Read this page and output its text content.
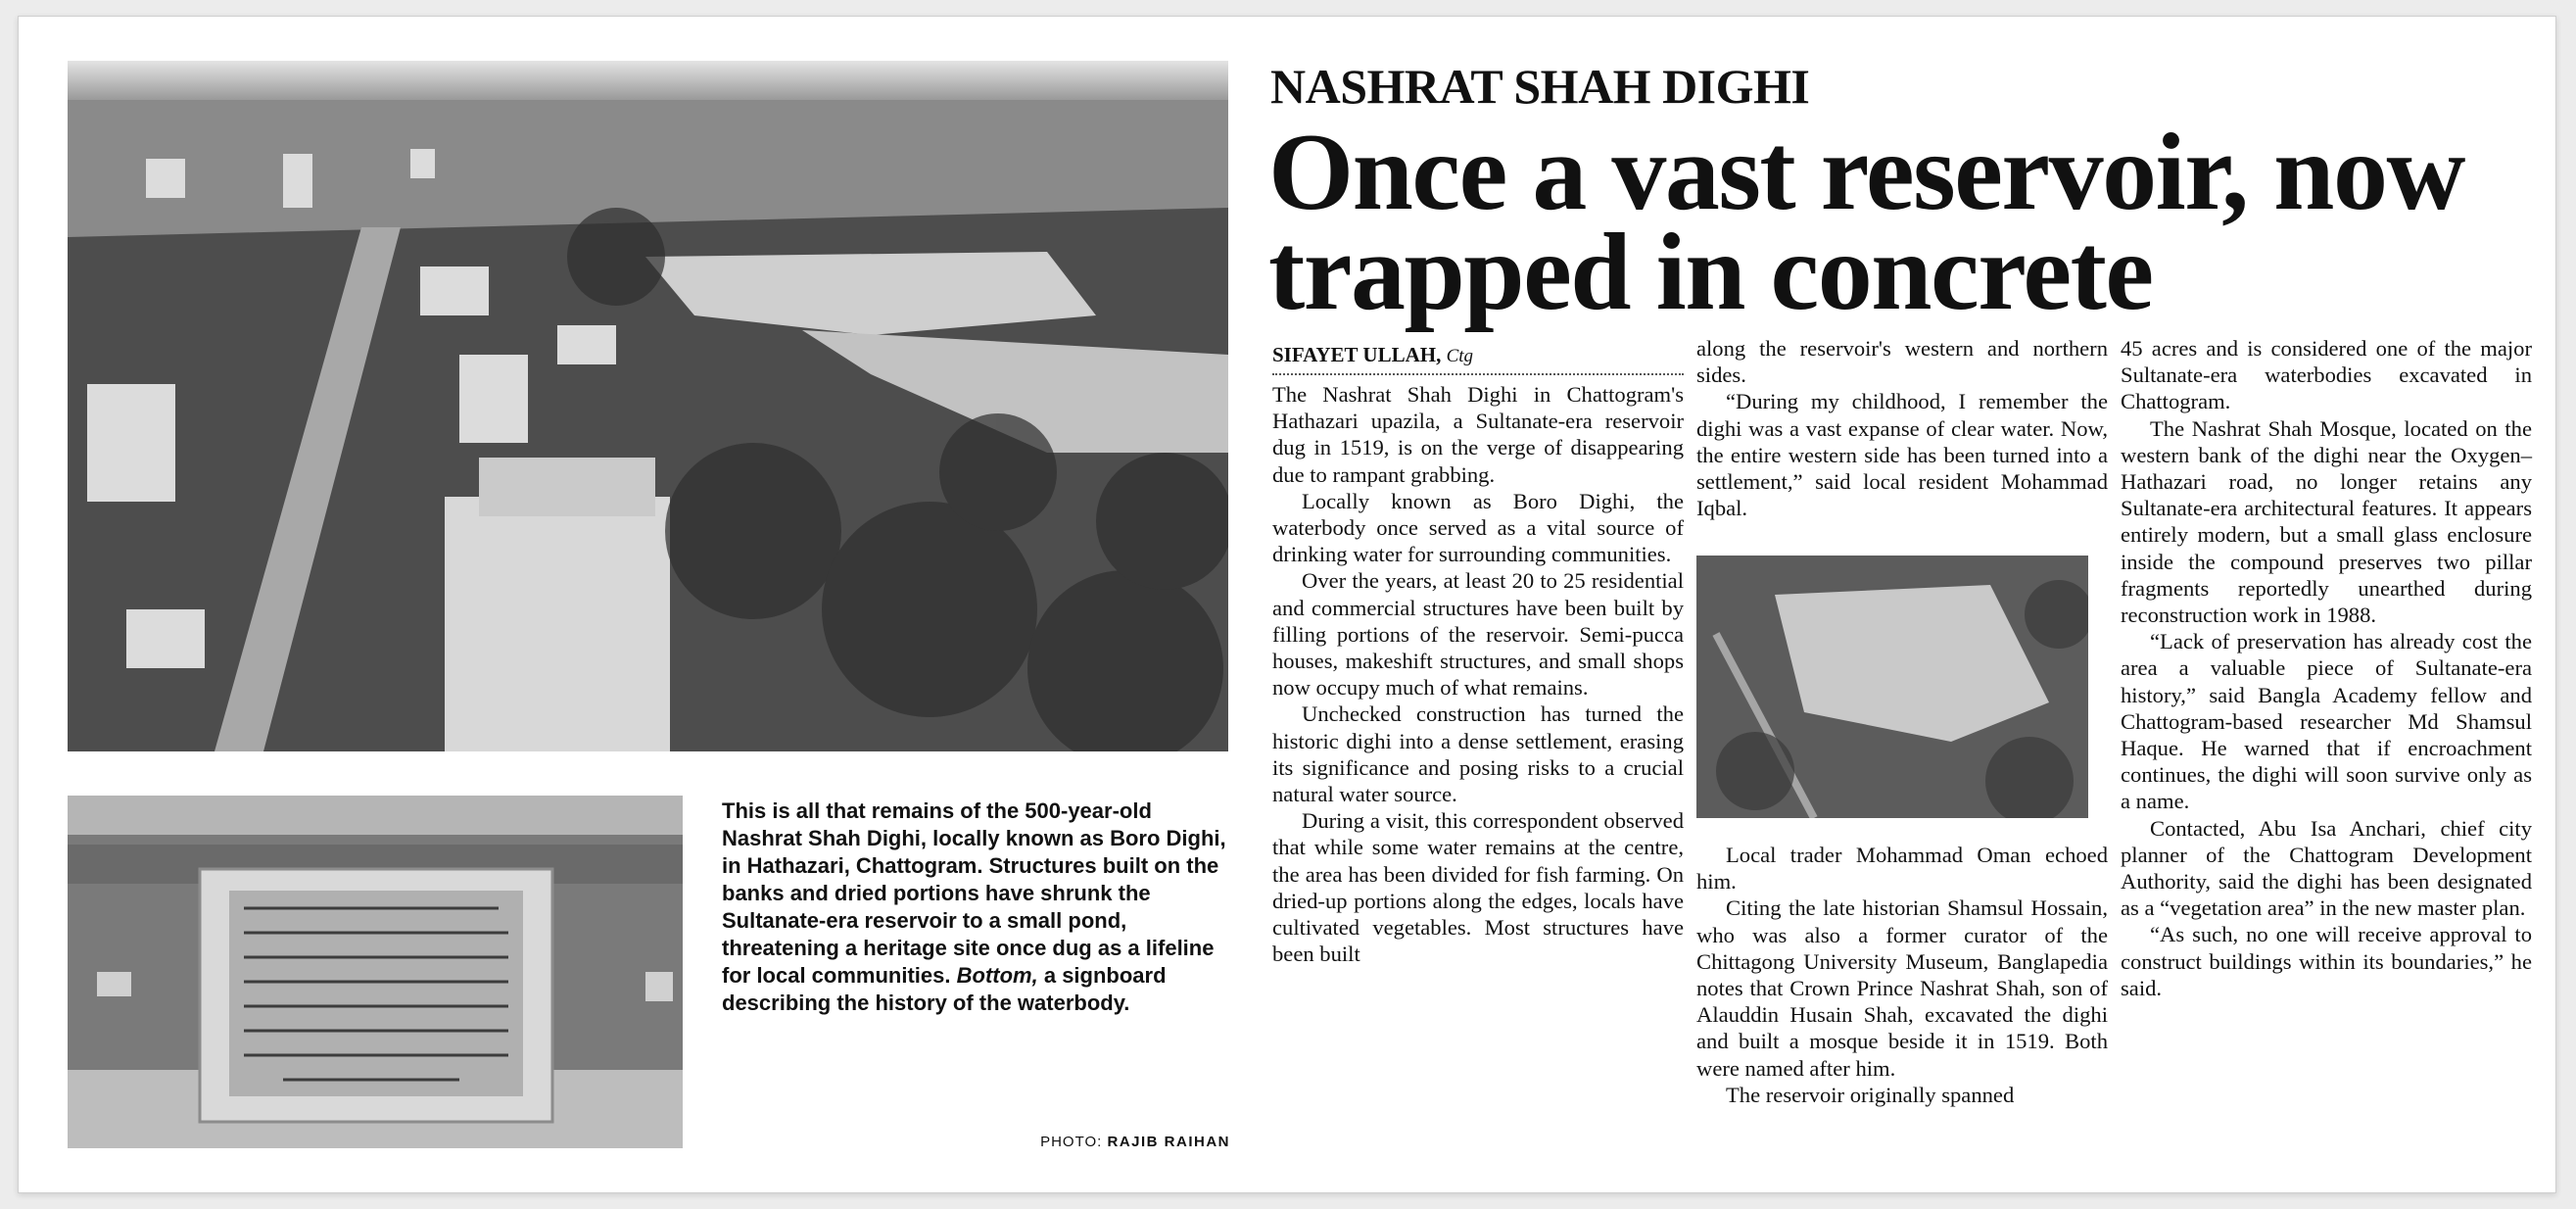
This is all that remains of the 500-year-old Nashrat Shah Dighi, locally known as Boro Dighi, in Hathazari, Chattogram. Structures built on the banks and dried portions have shrunk the Sultanate-era reservoir to a small pond, threatening a heritage site once dug as a lifeline for local communities. Bottom, a signboard describing the history of the waterbody.
PHOTO: RAJIB RAIHAN
NASHRAT SHAH DIGHI
Once a vast reservoir, now
trapped in concrete
SIFAYET ULLAH, Ctg

The Nashrat Shah Dighi in Chattogram's Hathazari upazila, a Sultanate-era reservoir dug in 1519, is on the verge of disappearing due to rampant grabbing.

Locally known as Boro Dighi, the waterbody once served as a vital source of drinking water for surrounding communities.

Over the years, at least 20 to 25 residential and commercial structures have been built by filling portions of the reservoir. Semi-pucca houses, makeshift structures, and small shops now occupy much of what remains.

Unchecked construction has turned the historic dighi into a dense settlement, erasing its significance and posing risks to a crucial natural water source.

During a visit, this correspondent observed that while some water remains at the centre, the area has been divided for fish farming. On dried-up portions along the edges, locals have cultivated vegetables. Most structures have been built

along the reservoir's western and northern sides.

“During my childhood, I remember the dighi was a vast expanse of clear water. Now, the entire western side has been turned into a settlement,” said local resident Mohammad Iqbal.

Local trader Mohammad Oman echoed him.

Citing the late historian Shamsul Hossain, who was also a former curator of the Chittagong University Museum, Banglapedia notes that Crown Prince Nashrat Shah, son of Alauddin Husain Shah, excavated the dighi and built a mosque beside it in 1519. Both were named after him.

The reservoir originally spanned

45 acres and is considered one of the major Sultanate-era waterbodies excavated in Chattogram.

The Nashrat Shah Mosque, located on the western bank of the dighi near the Oxygen–Hathazari road, no longer retains any Sultanate-era architectural features. It appears entirely modern, but a small glass enclosure inside the compound preserves two pillar fragments reportedly unearthed during reconstruction work in 1988.

“Lack of preservation has already cost the area a valuable piece of Sultanate-era history,” said Bangla Academy fellow and Chattogram-based researcher Md Shamsul Haque. He warned that if encroachment continues, the dighi will soon survive only as a name.

Contacted, Abu Isa Anchari, chief city planner of the Chattogram Development Authority, said the dighi has been designated as a “vegetation area” in the new master plan.

“As such, no one will receive approval to construct buildings within its boundaries,” he said.
